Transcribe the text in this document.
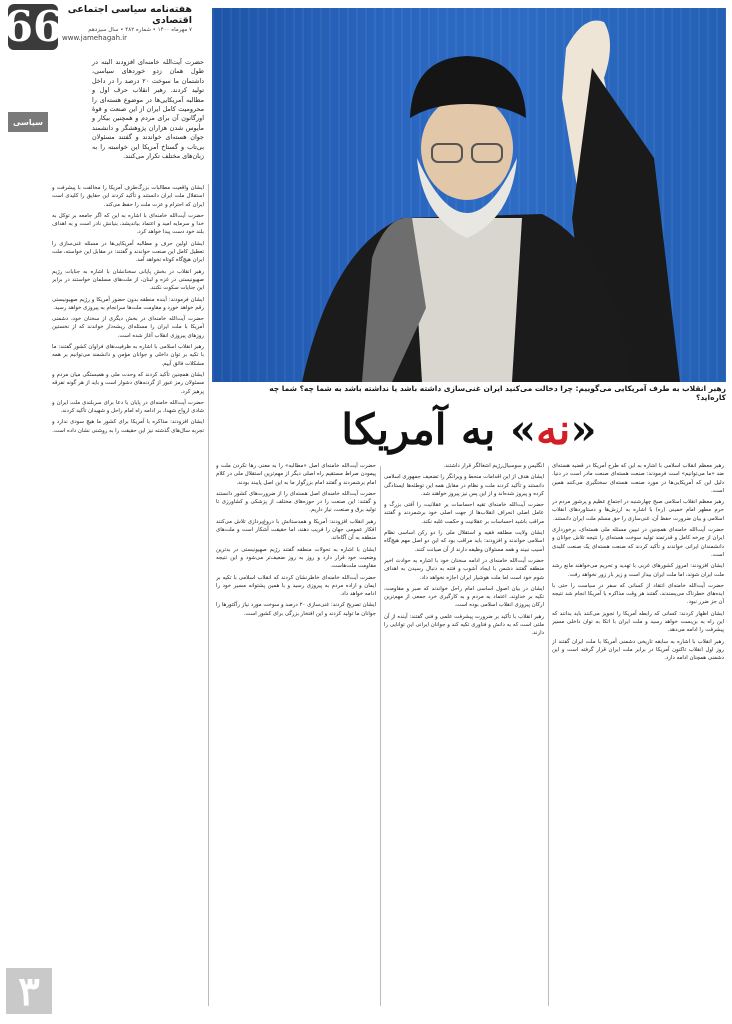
66 هفته‌نامه سیاسی اجتماعی اقتصادی
۷ مهرماه ۱۴۰۰ • شماره ۴۸۲ • سال سیزدهم
www.jamehagah.ir
حضرت آیت‌الله خامنه‌ای افزودند البته در طول همان زدو خوردهای سیاسی، داشتمان ما سوخت ۲۰ درصد را در داخل تولید کردند. رهبر انقلاب حرف اول و مطالبه آمریکایی‌ها در موضوع هسته‌ای را محرومیت کامل ایران از این صنعت و قوهٔ اورگانون آن برای مردم و همچنین بیکار و مأیوس شدن هزاران پژوهشگر و دانشمند جوان هسته‌ای خواندند و گفتند مسئولان بی‌تاب و گستاخ آمریکا این خواسته را به زبان‌های مختلف تکرار می‌کنند.
سیاسی

ایشان واقعیت مطالبات بزرگ‌طرف آمریکا را مخالفت با پیشرفت و استقلال ملت ایران دانستند و تأکید کردند این حقایق را کلیدی است ایران که احترام و عزت ملت را حفظ می‌کند.

حضرت آیت‌الله خامنه‌ای با اشاره به این که اگر جامعه بر توکل به خدا و سرمایه امید و اعتماد بیاندیشد، بنیانش نادر است و به اهداف بلند خود دست پیدا خواهد کرد.

ایشان اولین حرف و مطالبه آمریکایی‌ها در مسئله غنی‌سازی را تعطیل کامل این صنعت خواندند و گفتند: در مقابل این خواسته، ملت ایران هیچ‌گاه کوتاه نخواهد آمد.

رهبر انقلاب در بخش پایانی سخنانشان با اشاره به جنایات رژیم صهیونیستی در غزه و لبنان، از ملت‌های مسلمان خواستند در برابر این جنایات سکوت نکنند.

ایشان فرمودند: آینده منطقه بدون حضور آمریکا و رژیم صهیونیستی رقم خواهد خورد و مقاومت ملت‌ها سرانجام به پیروزی خواهد رسید.

حضرت آیت‌الله خامنه‌ای در بخش دیگری از سخنان خود، دشمنی آمریکا با ملت ایران را مسئله‌ای ریشه‌دار خواندند که از نخستین روزهای پیروزی انقلاب آغاز شده است.

رهبر انقلاب اسلامی با اشاره به ظرفیت‌های فراوان کشور گفتند: ما با تکیه بر توان داخلی و جوانان مؤمن و دانشمند می‌توانیم بر همه مشکلات فائق آییم.

ایشان همچنین تأکید کردند که وحدت ملی و همبستگی میان مردم و مسئولان رمز عبور از گردنه‌های دشوار است و باید از هر گونه تفرقه پرهیز کرد.

حضرت آیت‌الله خامنه‌ای در پایان با دعا برای سربلندی ملت ایران و شادی ارواح شهدا، بر ادامه راه امام راحل و شهیدان تأکید کردند.

ایشان افزودند: مذاکره با آمریکا برای کشور ما هیچ سودی ندارد و تجربه سال‌های گذشته نیز این حقیقت را به روشنی نشان داده است.

رهبر انقلاب به طرف آمریکایی می‌گوییم: چرا دخالت می‌کنید ایران غنی‌سازی داشته باشد یا نداشته باشد به شما چه؟ شما چه کاره‌اید؟
«
نه
» به آمریکا

رهبر معظم انقلاب اسلامی با اشاره به این که طرح آمریکا در قضیه هسته‌ای ضد «ما می‌توانیم» است فرمودند: صنعت هسته‌ای صنعت مادر است در دنیا. دلیل این که آمریکایی‌ها در مورد صنعت هسته‌ای سختگیری می‌کنند همین است.

رهبر معظم انقلاب اسلامی صبح چهارشنبه در اجتماع عظیم و پرشور مردم در حرم مطهر امام خمینی (ره) با اشاره به ارزش‌ها و دستاوردهای انقلاب اسلامی و بیان ضرورت حفظ آن، غنی‌سازی را حق مسلم ملت ایران دانستند.

حضرت آیت‌الله خامنه‌ای همچنین در تبیین مسئله ملی هسته‌ای، برخورداری ایران از چرخه کامل و قدرتمند تولید سوخت هسته‌ای را نتیجه تلاش جوانان و دانشمندان ایرانی خواندند و تأکید کردند که صنعت هسته‌ای یک صنعت کلیدی است.

ایشان افزودند: امروز کشورهای غربی با تهدید و تحریم می‌خواهند مانع رشد ملت ایران شوند، اما ملت ایران بیدار است و زیر بار زور نخواهد رفت.

حضرت آیت‌الله خامنه‌ای انتقاد از کسانی که سفر در سیاست را حتی با ایده‌های خطرناک می‌پسندند، گفتند هر وقت مذاکره با آمریکا انجام شد نتیجه آن جز ضرر نبود.

ایشان اظهار کردند: کسانی که رابطه آمریکا را تجویز می‌کنند باید بدانند که این راه به بن‌بست خواهد رسید و ملت ایران با اتکا به توان داخلی مسیر پیشرفت را ادامه می‌دهد.

رهبر انقلاب با اشاره به سابقه تاریخی دشمنی آمریکا با ملت ایران گفتند از روز اول انقلاب تاکنون آمریکا در برابر ملت ایران قرار گرفته است و این دشمنی همچنان ادامه دارد.

انگلیس و سوسیال‌رژیم اشغالگر قرار داشتند.

ایشان هدف از این اقدامات منحط و ویرانگر را تضعیف جمهوری اسلامی دانستند و تأکید کردند ملت و نظام در مقابل همه این توطئه‌ها ایستادگی کرده و پیروز شده‌اند و از این پس نیز پیروز خواهند شد.

حضرت آیت‌الله خامنه‌ای تقیه احساسات بر عقلانیت را آفتی بزرگ و عامل اصلی انحراف انقلاب‌ها از جهت اصلی خود برشمردند و گفتند مراقب باشید احساسات بر عقلانیت و حکمت غلبه نکند.

ایشان ولایت مطلقه فقیه و استقلال ملی را دو رکن اساسی نظام اسلامی خواندند و افزودند: باید مراقب بود که این دو اصل مهم هیچ‌گاه آسیب نبیند و همه مسئولان وظیفه دارند از آن صیانت کنند.

حضرت آیت‌الله خامنه‌ای در ادامه سخنان خود با اشاره به حوادث اخیر منطقه گفتند دشمن با ایجاد آشوب و فتنه به دنبال رسیدن به اهداف شوم خود است اما ملت هوشیار ایران اجازه نخواهد داد.

ایشان در بیان اصول اساسی امام راحل خواندند که صبر و مقاومت، تکیه بر خداوند، اعتماد به مردم و به کارگیری خرد جمعی از مهم‌ترین ارکان پیروزی انقلاب اسلامی بوده است.

رهبر انقلاب با تأکید بر ضرورت پیشرفت علمی و فنی گفتند: آینده از آن ملتی است که به دانش و فناوری تکیه کند و جوانان ایرانی این توانایی را دارند.

حضرت آیت‌الله خامنه‌ای اصل «مطالبه» را به معنی رها نکردن ملت و پیمودن صراط مستقیم راه اصلی دیگر از مهم‌ترین استقلال ملی در کلام امام برشمردند و گفتند امام بزرگوار ما به این اصل پایبند بودند.

حضرت آیت‌الله خامنه‌ای اصل هسته‌ای را از ضرورت‌های کشور دانستند و گفتند: این صنعت را در حوزه‌های مختلف از پزشکی و کشاورزی تا تولید برق و صنعت، نیاز داریم.

رهبر انقلاب افزودند: آمریکا و همدستانش با دروغ‌پردازی تلاش می‌کنند افکار عمومی جهان را فریب دهند، اما حقیقت آشکار است و ملت‌های منطقه به آن آگاه‌اند.

ایشان با اشاره به تحولات منطقه گفتند رژیم صهیونیستی در بدترین وضعیت خود قرار دارد و روز به روز ضعیف‌تر می‌شود و این نتیجه مقاومت ملت‌هاست.

حضرت آیت‌الله خامنه‌ای خاطرنشان کردند که انقلاب اسلامی با تکیه بر ایمان و اراده مردم به پیروزی رسید و با همین پشتوانه مسیر خود را ادامه خواهد داد.

ایشان تصریح کردند: غنی‌سازی ۲۰ درصد و سوخت مورد نیاز رآکتورها را جوانان ما تولید کردند و این افتخار بزرگی برای کشور است.

۳
